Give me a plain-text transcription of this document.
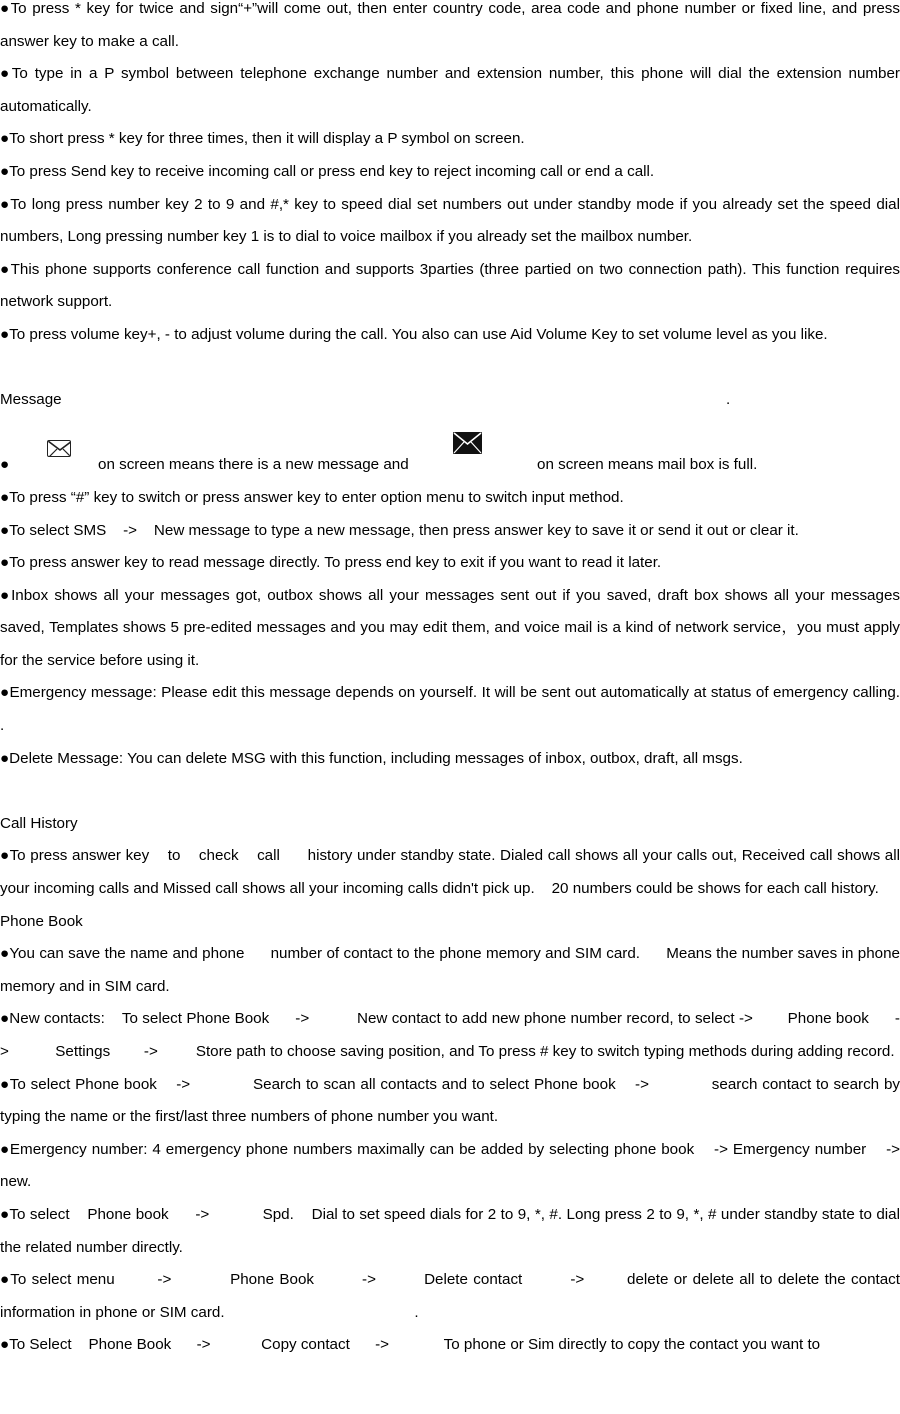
●To press * key for twice and sign“+”will come out, then enter country code, area code and phone number or fixed line, and press answer key to make a call.

●To type in a P symbol between telephone exchange number and extension number, this phone will dial the extension number automatically.

●To short press * key for three times, then it will display a P symbol on screen.

●To press Send key to receive incoming call or press end key to reject incoming call or end a call.

●To long press number key 2 to 9 and #,* key to speed dial set numbers out under standby mode if you already set the speed dial numbers, Long pressing number key 1 is to dial to voice mailbox if you already set the mailbox number.

●This phone supports conference call function and supports 3parties (three partied on two connection path). This function requires network support.

●To press volume key+, - to adjust volume during the call. You also can use Aid Volume Key to set volume level as you like.

Message	.
●	on screen means there is a new message and	on screen means mail box is full.

●To press “#” key to switch or press answer key to enter option menu to switch input method.

●To select SMS    ->    New message to type a new message, then press answer key to save it or send it out or clear it.

●To press answer key to read message directly. To press end key to exit if you want to read it later.

●Inbox shows all your messages got, outbox shows all your messages sent out if you saved, draft box shows all your messages saved, Templates shows 5 pre-edited messages and you may edit them, and voice mail is a kind of network service，you must apply for the service before using it.

●Emergency message: Please edit this message depends on yourself. It will be sent out automatically at status of emergency calling.                          .

●Delete Message: You can delete MSG with this function, including messages of inbox, outbox, draft, all msgs.

Call History

●To press answer key    to    check    call      history under standby state. Dialed call shows all your calls out, Received call shows all your incoming calls and Missed call shows all your incoming calls didn't pick up.    20 numbers could be shows for each call history.

Phone Book

●You can save the name and phone      number of contact to the phone memory and SIM card.      Means the number saves in phone memory and in SIM card.

●New contacts:    To select Phone Book      ->           New contact to add new phone number record, to select ->        Phone book      ->           Settings        ->         Store path to choose saving position, and To press # key to switch typing methods during adding record.

●To select Phone book    ->             Search to scan all contacts and to select Phone book    ->             search contact to search by typing the name or the first/last three numbers of phone number you want.

●Emergency number: 4 emergency phone numbers maximally can be added by selecting phone book    -> Emergency number    ->              new.

●To select    Phone book      ->            Spd.    Dial to set speed dials for 2 to 9, *, #. Long press 2 to 9, *, # under standby state to dial the related number directly.

●To select menu        ->           Phone Book         ->         Delete contact         ->        delete or delete all to delete the contact information in phone or SIM card.                                             .

●To Select    Phone Book      ->            Copy contact      ->             To phone or Sim directly to copy the contact you want to
